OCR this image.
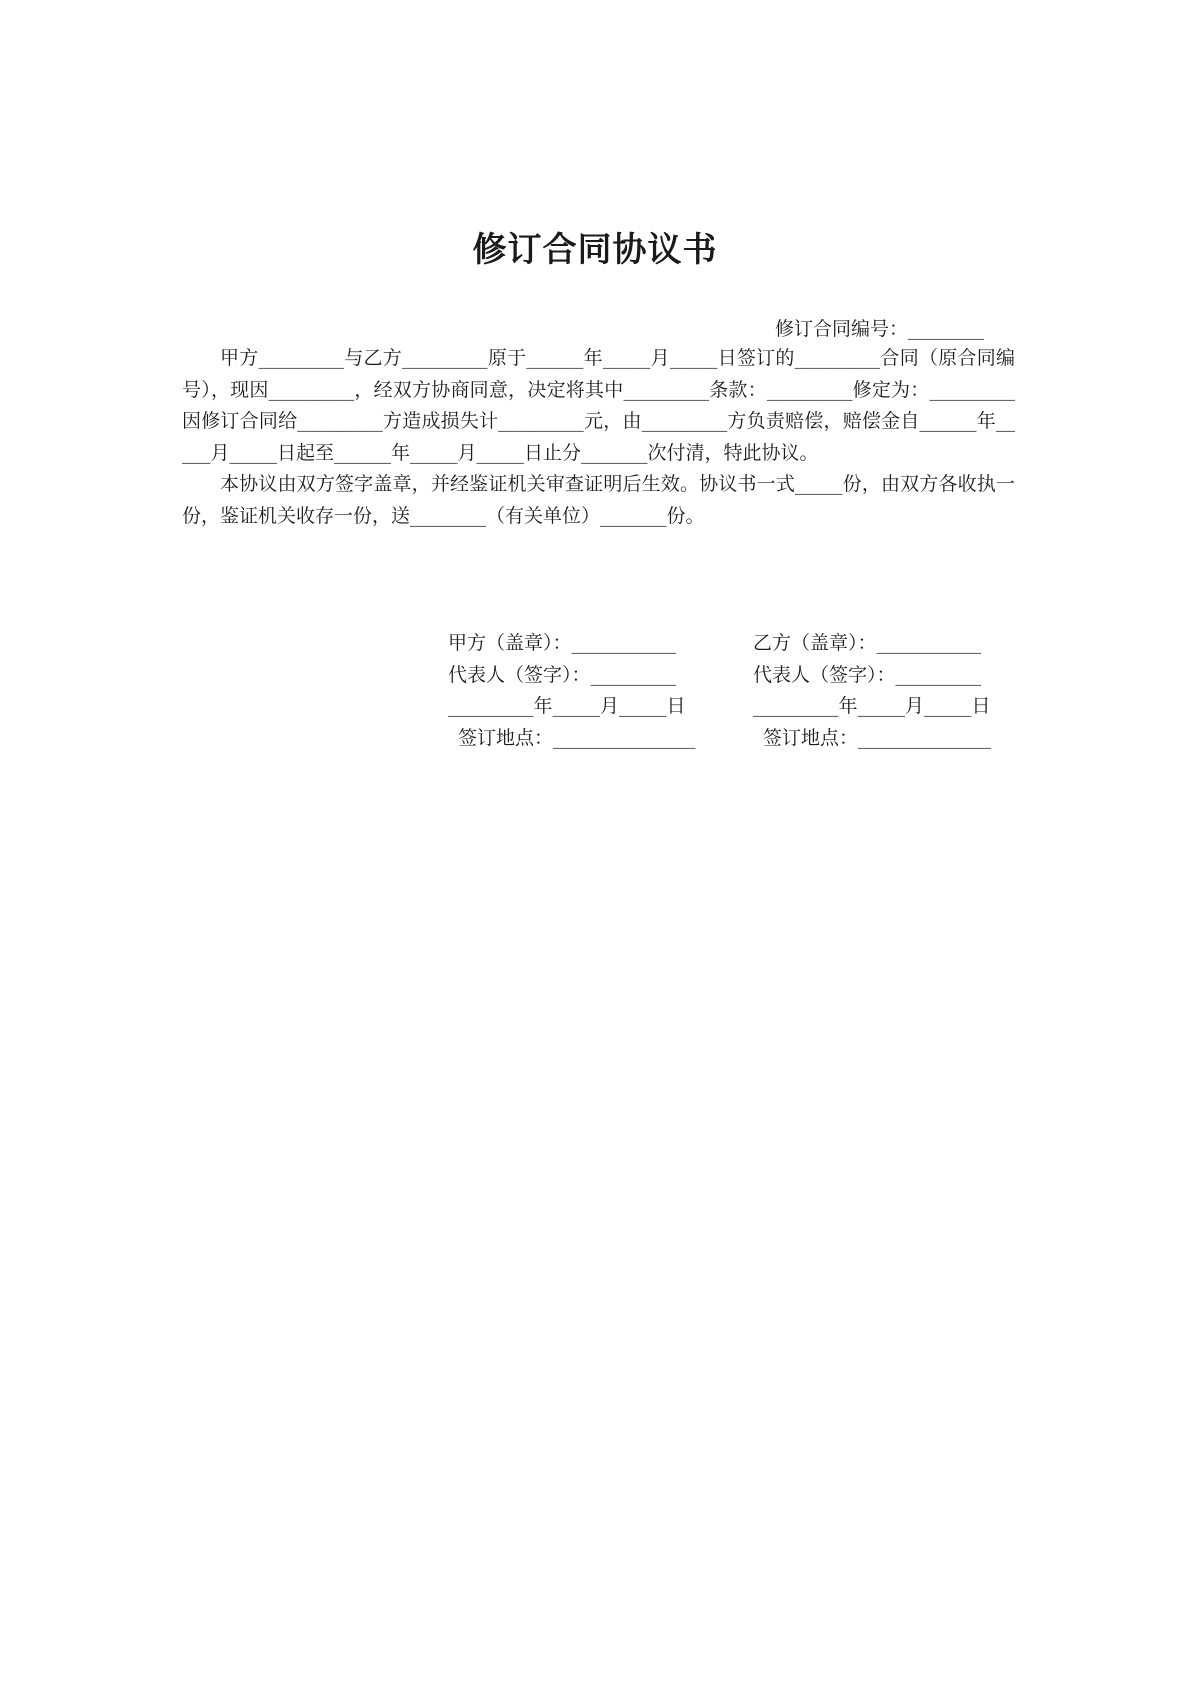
修订合同协议书
修订合同编号：________

甲方_________与乙方_________原于______年_____月_____日签订的_________合同（原合同编号），现因_________，经双方协商同意，决定将其中_________条款：_________修定为：_________因修订合同给_________方造成损失计_________元，由_________方负责赔偿，赔偿金自______年_____月_____日起至______年_____月_____日止分_______次付清，特此协议。

本协议由双方签字盖章，并经鉴证机关审查证明后生效。协议书一式_____份，由双方各收执一份，鉴证机关收存一份，送________（有关单位）_______份。

甲方（盖章）：___________
代表人（签字）：_________
_________年_____月_____日
签订地点：_______________
乙方（盖章）：___________
代表人（签字）：_________
_________年_____月_____日
签订地点：______________
